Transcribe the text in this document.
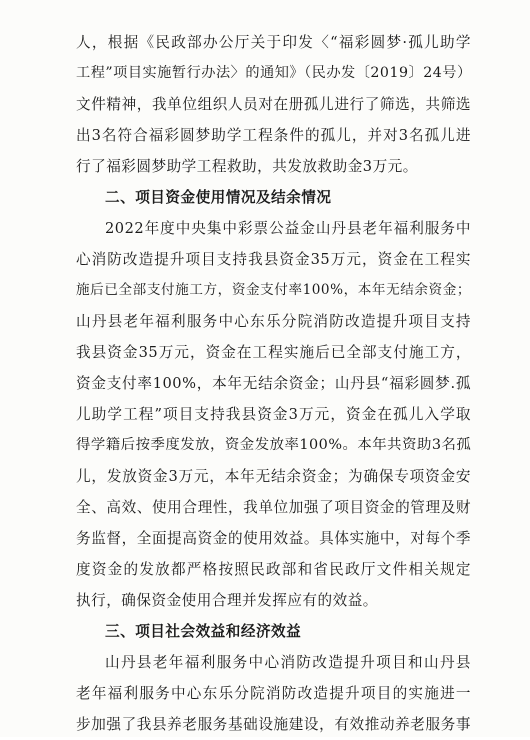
人，根据《民政部办公厅关于印发〈“福彩圆梦·孤儿助学
工程”项目实施暂行办法〉的通知》（民办发〔2019〕24号）
文件精神，我单位组织人员对在册孤儿进行了筛选，共筛选
出3名符合福彩圆梦助学工程条件的孤儿，并对3名孤儿进
行了福彩圆梦助学工程救助，共发放救助金3万元。
二、项目资金使用情况及结余情况
2022年度中央集中彩票公益金山丹县老年福利服务中
心消防改造提升项目支持我县资金35万元，资金在工程实
施后已全部支付施工方，资金支付率100%，本年无结余资金；
山丹县老年福利服务中心东乐分院消防改造提升项目支持
我县资金35万元，资金在工程实施后已全部支付施工方，
资金支付率100%，本年无结余资金；山丹县“福彩圆梦.孤
儿助学工程”项目支持我县资金3万元，资金在孤儿入学取
得学籍后按季度发放，资金发放率100%。本年共资助3名孤
儿，发放资金3万元，本年无结余资金；为确保专项资金安
全、高效、使用合理性，我单位加强了项目资金的管理及财
务监督，全面提高资金的使用效益。具体实施中，对每个季
度资金的发放都严格按照民政部和省民政厅文件相关规定
执行，确保资金使用合理并发挥应有的效益。
三、项目社会效益和经济效益
山丹县老年福利服务中心消防改造提升项目和山丹县
老年福利服务中心东乐分院消防改造提升项目的实施进一
步加强了我县养老服务基础设施建设，有效推动养老服务事
